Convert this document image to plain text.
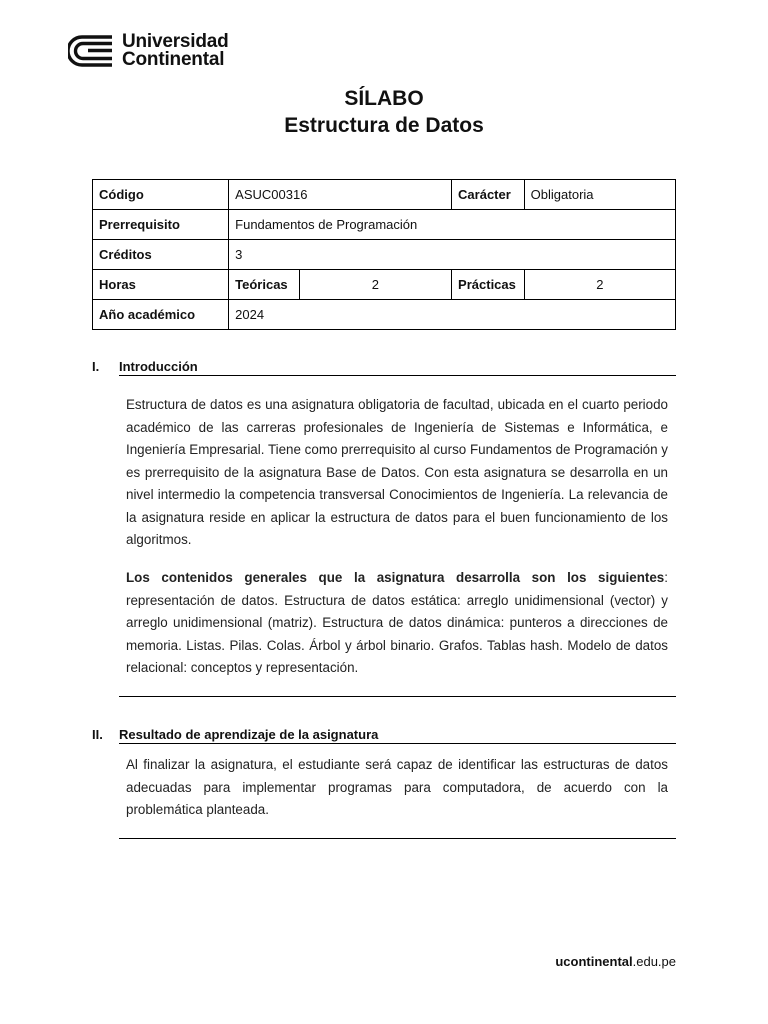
Universidad
Continental
SÍLABO
Estructura de Datos
Código	ASUC00316		Carácter	Obligatoria
Prerrequisito	Fundamentos de Programación			
Créditos	3			
Horas	Teóricas	2	Prácticas	2
Año académico	2024			
I. Introducción
Estructura de datos es una asignatura obligatoria de facultad, ubicada en el cuarto periodo académico de las carreras profesionales de Ingeniería de Sistemas e Informática, e Ingeniería Empresarial. Tiene como prerrequisito al curso Fundamentos de Programación y es prerrequisito de la asignatura Base de Datos. Con esta asignatura se desarrolla en un nivel intermedio la competencia transversal Conocimientos de Ingeniería. La relevancia de la asignatura reside en aplicar la estructura de datos para el buen funcionamiento de los algoritmos.
Los contenidos generales que la asignatura desarrolla son los siguientes: representación de datos. Estructura de datos estática: arreglo unidimensional (vector) y arreglo unidimensional (matriz). Estructura de datos dinámica: punteros a direcciones de memoria. Listas. Pilas. Colas. Árbol y árbol binario. Grafos. Tablas hash. Modelo de datos relacional: conceptos y representación.
II. Resultado de aprendizaje de la asignatura
Al finalizar la asignatura, el estudiante será capaz de identificar las estructuras de datos adecuadas para implementar programas para computadora, de acuerdo con la problemática planteada.
ucontinental.edu.pe
